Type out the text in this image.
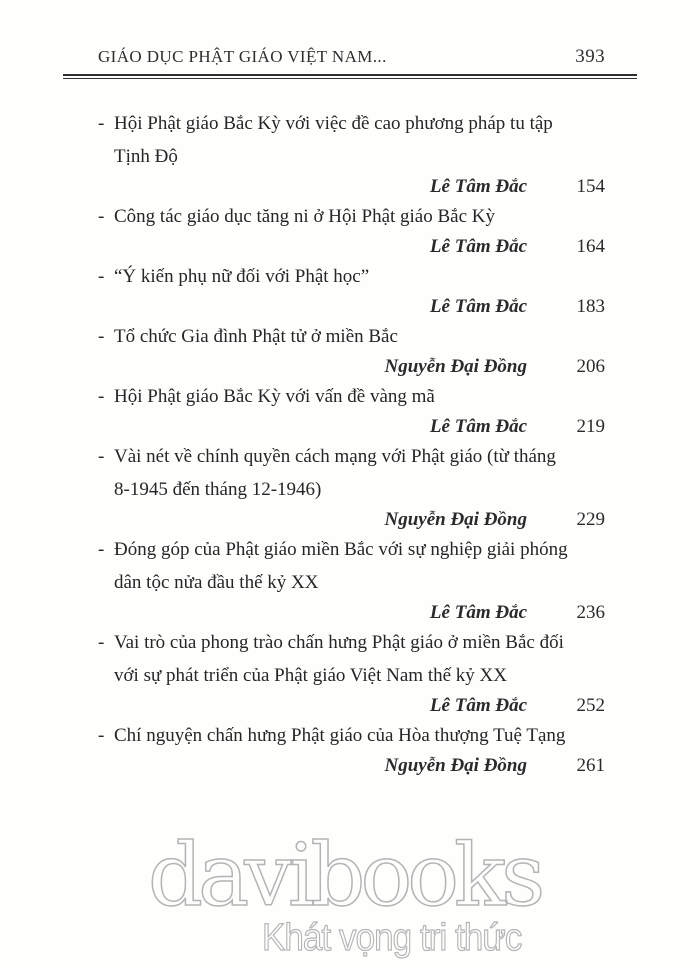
GIÁO DỤC PHẬT GIÁO VIỆT NAM...	393
- Hội Phật giáo Bắc Kỳ với việc đề cao phương pháp tu tập Tịnh Độ
Lê Tâm Đắc	154
- Công tác giáo dục tăng ni ở Hội Phật giáo Bắc Kỳ
Lê Tâm Đắc	164
- “Ý kiến phụ nữ đối với Phật học”
Lê Tâm Đắc	183
- Tổ chức Gia đình Phật tử ở miền Bắc
Nguyễn Đại Đồng	206
- Hội Phật giáo Bắc Kỳ với vấn đề vàng mã
Lê Tâm Đắc	219
- Vài nét về chính quyền cách mạng với Phật giáo (từ tháng 8-1945 đến tháng 12-1946)
Nguyễn Đại Đồng	229
- Đóng góp của Phật giáo miền Bắc với sự nghiệp giải phóng dân tộc nửa đầu thế kỷ XX
Lê Tâm Đắc	236
- Vai trò của phong trào chấn hưng Phật giáo ở miền Bắc đối với sự phát triển của Phật giáo Việt Nam thế kỷ XX
Lê Tâm Đắc	252
- Chí nguyện chấn hưng Phật giáo của Hòa thượng Tuệ Tạng
Nguyễn Đại Đồng	261
davibooks
Khát vọng tri thức
